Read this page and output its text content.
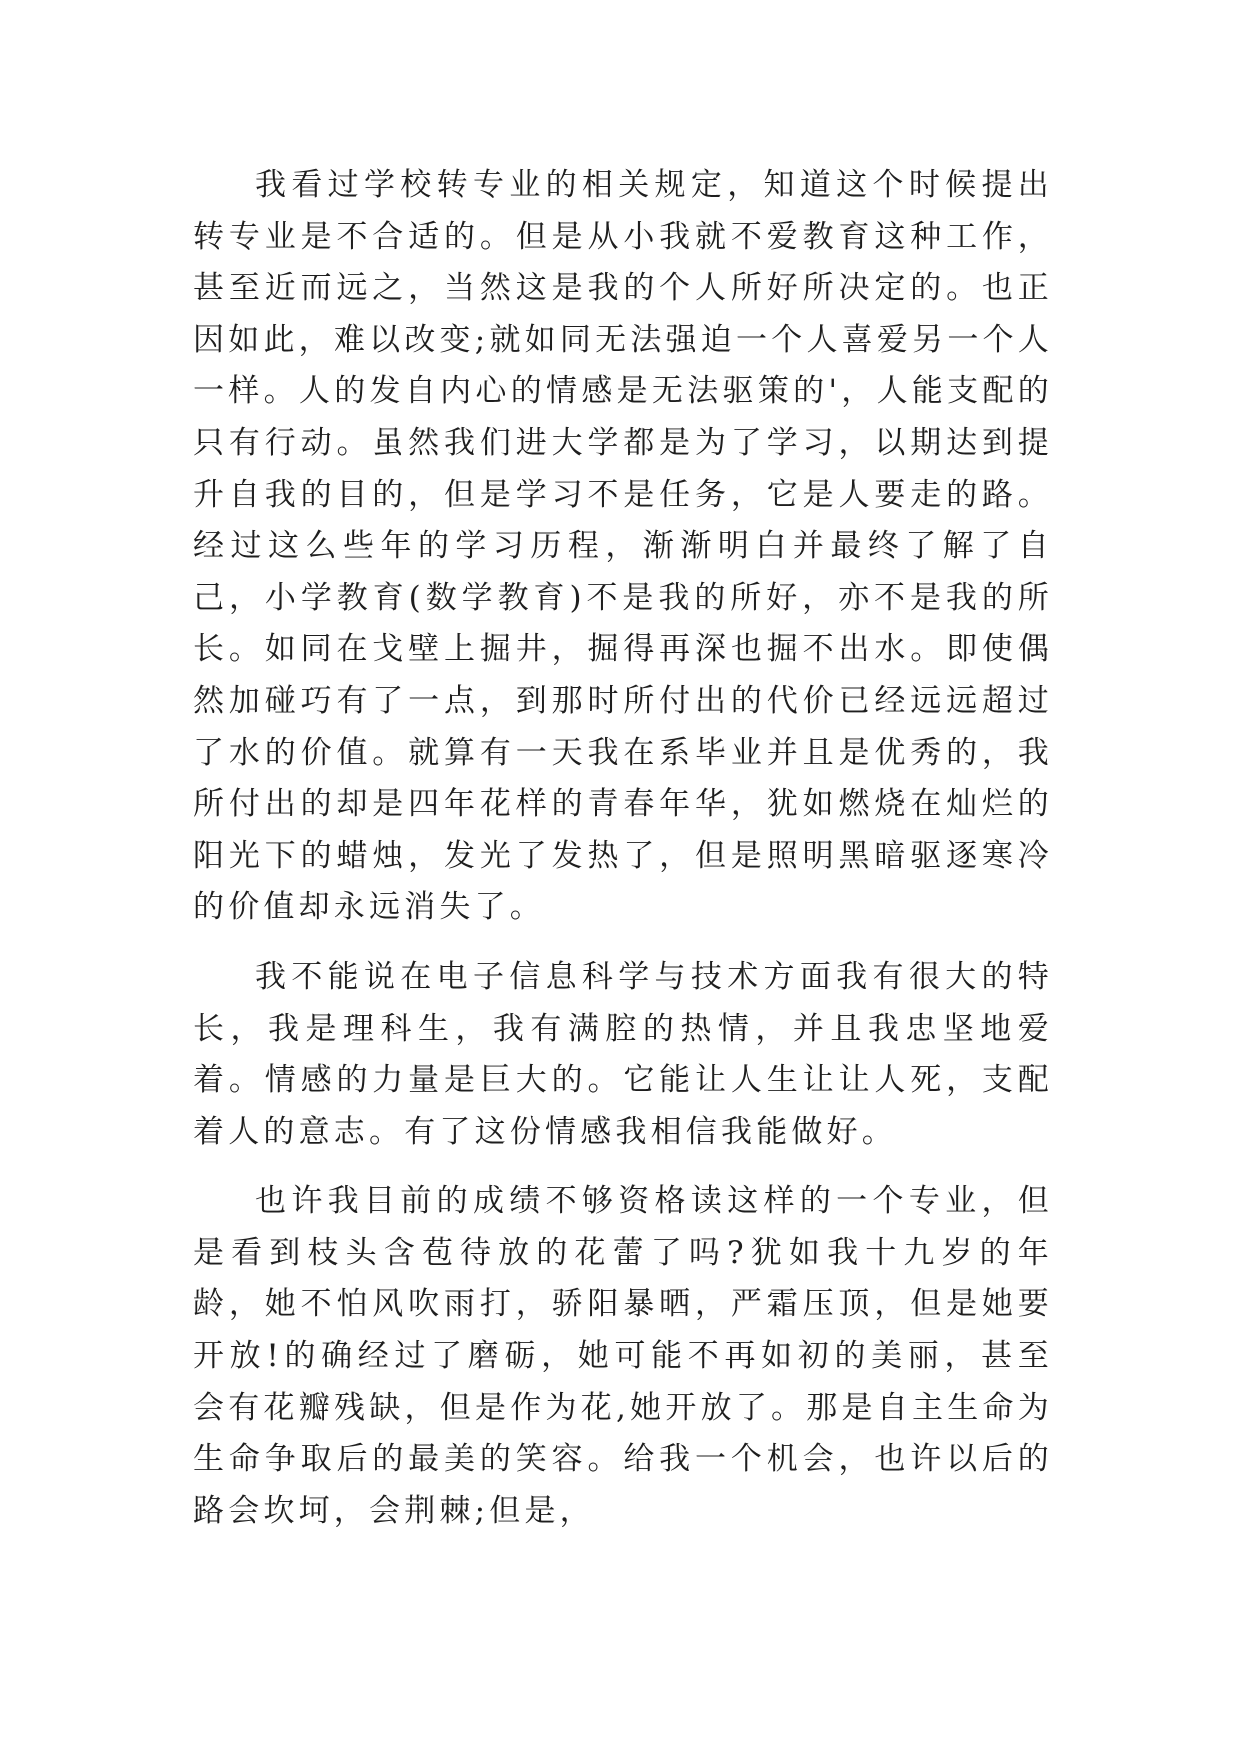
我看过学校转专业的相关规定，知道这个时候提出转专业是不合适的。但是从小我就不爱教育这种工作，甚至近而远之，当然这是我的个人所好所决定的。也正因如此，难以改变;就如同无法强迫一个人喜爱另一个人一样。人的发自内心的情感是无法驱策的'，人能支配的只有行动。虽然我们进大学都是为了学习，以期达到提升自我的目的，但是学习不是任务，它是人要走的路。经过这么些年的学习历程，渐渐明白并最终了解了自己，小学教育(数学教育)不是我的所好，亦不是我的所长。如同在戈壁上掘井，掘得再深也掘不出水。即使偶然加碰巧有了一点，到那时所付出的代价已经远远超过了水的价值。就算有一天我在系毕业并且是优秀的，我所付出的却是四年花样的青春年华，犹如燃烧在灿烂的阳光下的蜡烛，发光了发热了，但是照明黑暗驱逐寒冷的价值却永远消失了。

我不能说在电子信息科学与技术方面我有很大的特长，我是理科生，我有满腔的热情，并且我忠坚地爱着。情感的力量是巨大的。它能让人生让让人死，支配着人的意志。有了这份情感我相信我能做好。

也许我目前的成绩不够资格读这样的一个专业，但是看到枝头含苞待放的花蕾了吗?犹如我十九岁的年龄，她不怕风吹雨打，骄阳暴晒，严霜压顶，但是她要开放!的确经过了磨砺，她可能不再如初的美丽，甚至会有花瓣残缺，但是作为花,她开放了。那是自主生命为生命争取后的最美的笑容。给我一个机会，也许以后的路会坎坷，会荆棘;但是，
